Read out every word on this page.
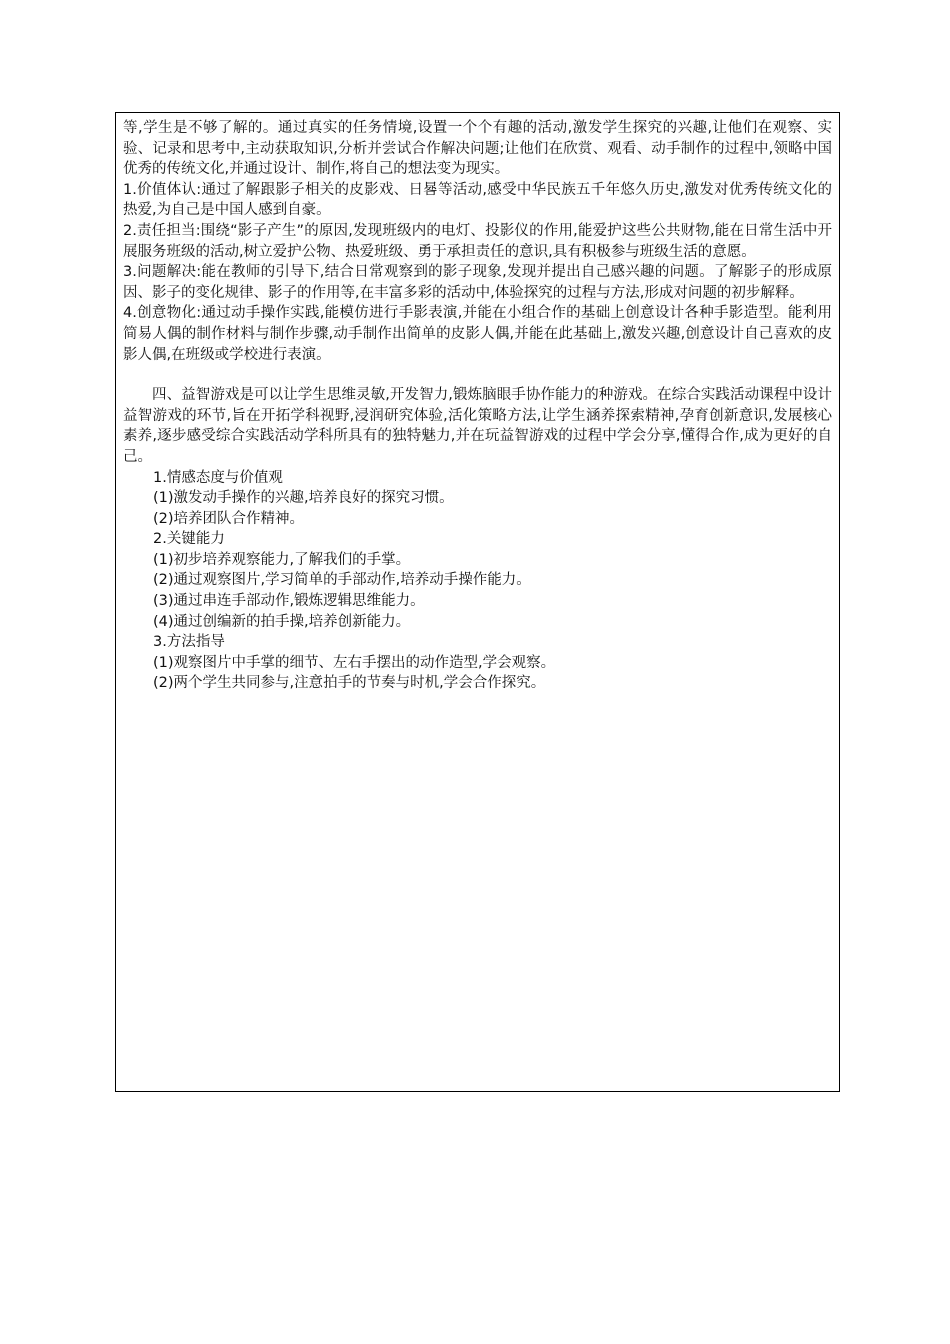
等,学生是不够了解的。通过真实的任务情境,设置一个个有趣的活动,激发学生探究的兴趣,让他们在观察、实验、记录和思考中,主动获取知识,分析并尝试合作解决问题;让他们在欣赏、观看、动手制作的过程中,领略中国优秀的传统文化,并通过设计、制作,将自己的想法变为现实。

1.价值体认:通过了解跟影子相关的皮影戏、日晷等活动,感受中华民族五千年悠久历史,激发对优秀传统文化的热爱,为自己是中国人感到自豪。

2.责任担当:围绕“影子产生”的原因,发现班级内的电灯、投影仪的作用,能爱护这些公共财物,能在日常生活中开展服务班级的活动,树立爱护公物、热爱班级、勇于承担责任的意识,具有积极参与班级生活的意愿。

3.问题解决:能在教师的引导下,结合日常观察到的影子现象,发现并提出自己感兴趣的问题。了解影子的形成原因、影子的变化规律、影子的作用等,在丰富多彩的活动中,体验探究的过程与方法,形成对问题的初步解释。

4.创意物化:通过动手操作实践,能模仿进行手影表演,并能在小组合作的基础上创意设计各种手影造型。能利用简易人偶的制作材料与制作步骤,动手制作出简单的皮影人偶,并能在此基础上,激发兴趣,创意设计自己喜欢的皮影人偶,在班级或学校进行表演。

四、益智游戏是可以让学生思维灵敏,开发智力,锻炼脑眼手协作能力的种游戏。在综合实践活动课程中设计益智游戏的环节,旨在开拓学科视野,浸润研究体验,活化策略方法,让学生涵养探索精神,孕育创新意识,发展核心素养,逐步感受综合实践活动学科所具有的独特魅力,并在玩益智游戏的过程中学会分享,懂得合作,成为更好的自己。

1.情感态度与价值观

(1)激发动手操作的兴趣,培养良好的探究习惯。

(2)培养团队合作精神。

2.关键能力

(1)初步培养观察能力,了解我们的手掌。

(2)通过观察图片,学习简单的手部动作,培养动手操作能力。

(3)通过串连手部动作,锻炼逻辑思维能力。

(4)通过创编新的拍手操,培养创新能力。

3.方法指导

(1)观察图片中手掌的细节、左右手摆出的动作造型,学会观察。

(2)两个学生共同参与,注意拍手的节奏与时机,学会合作探究。
